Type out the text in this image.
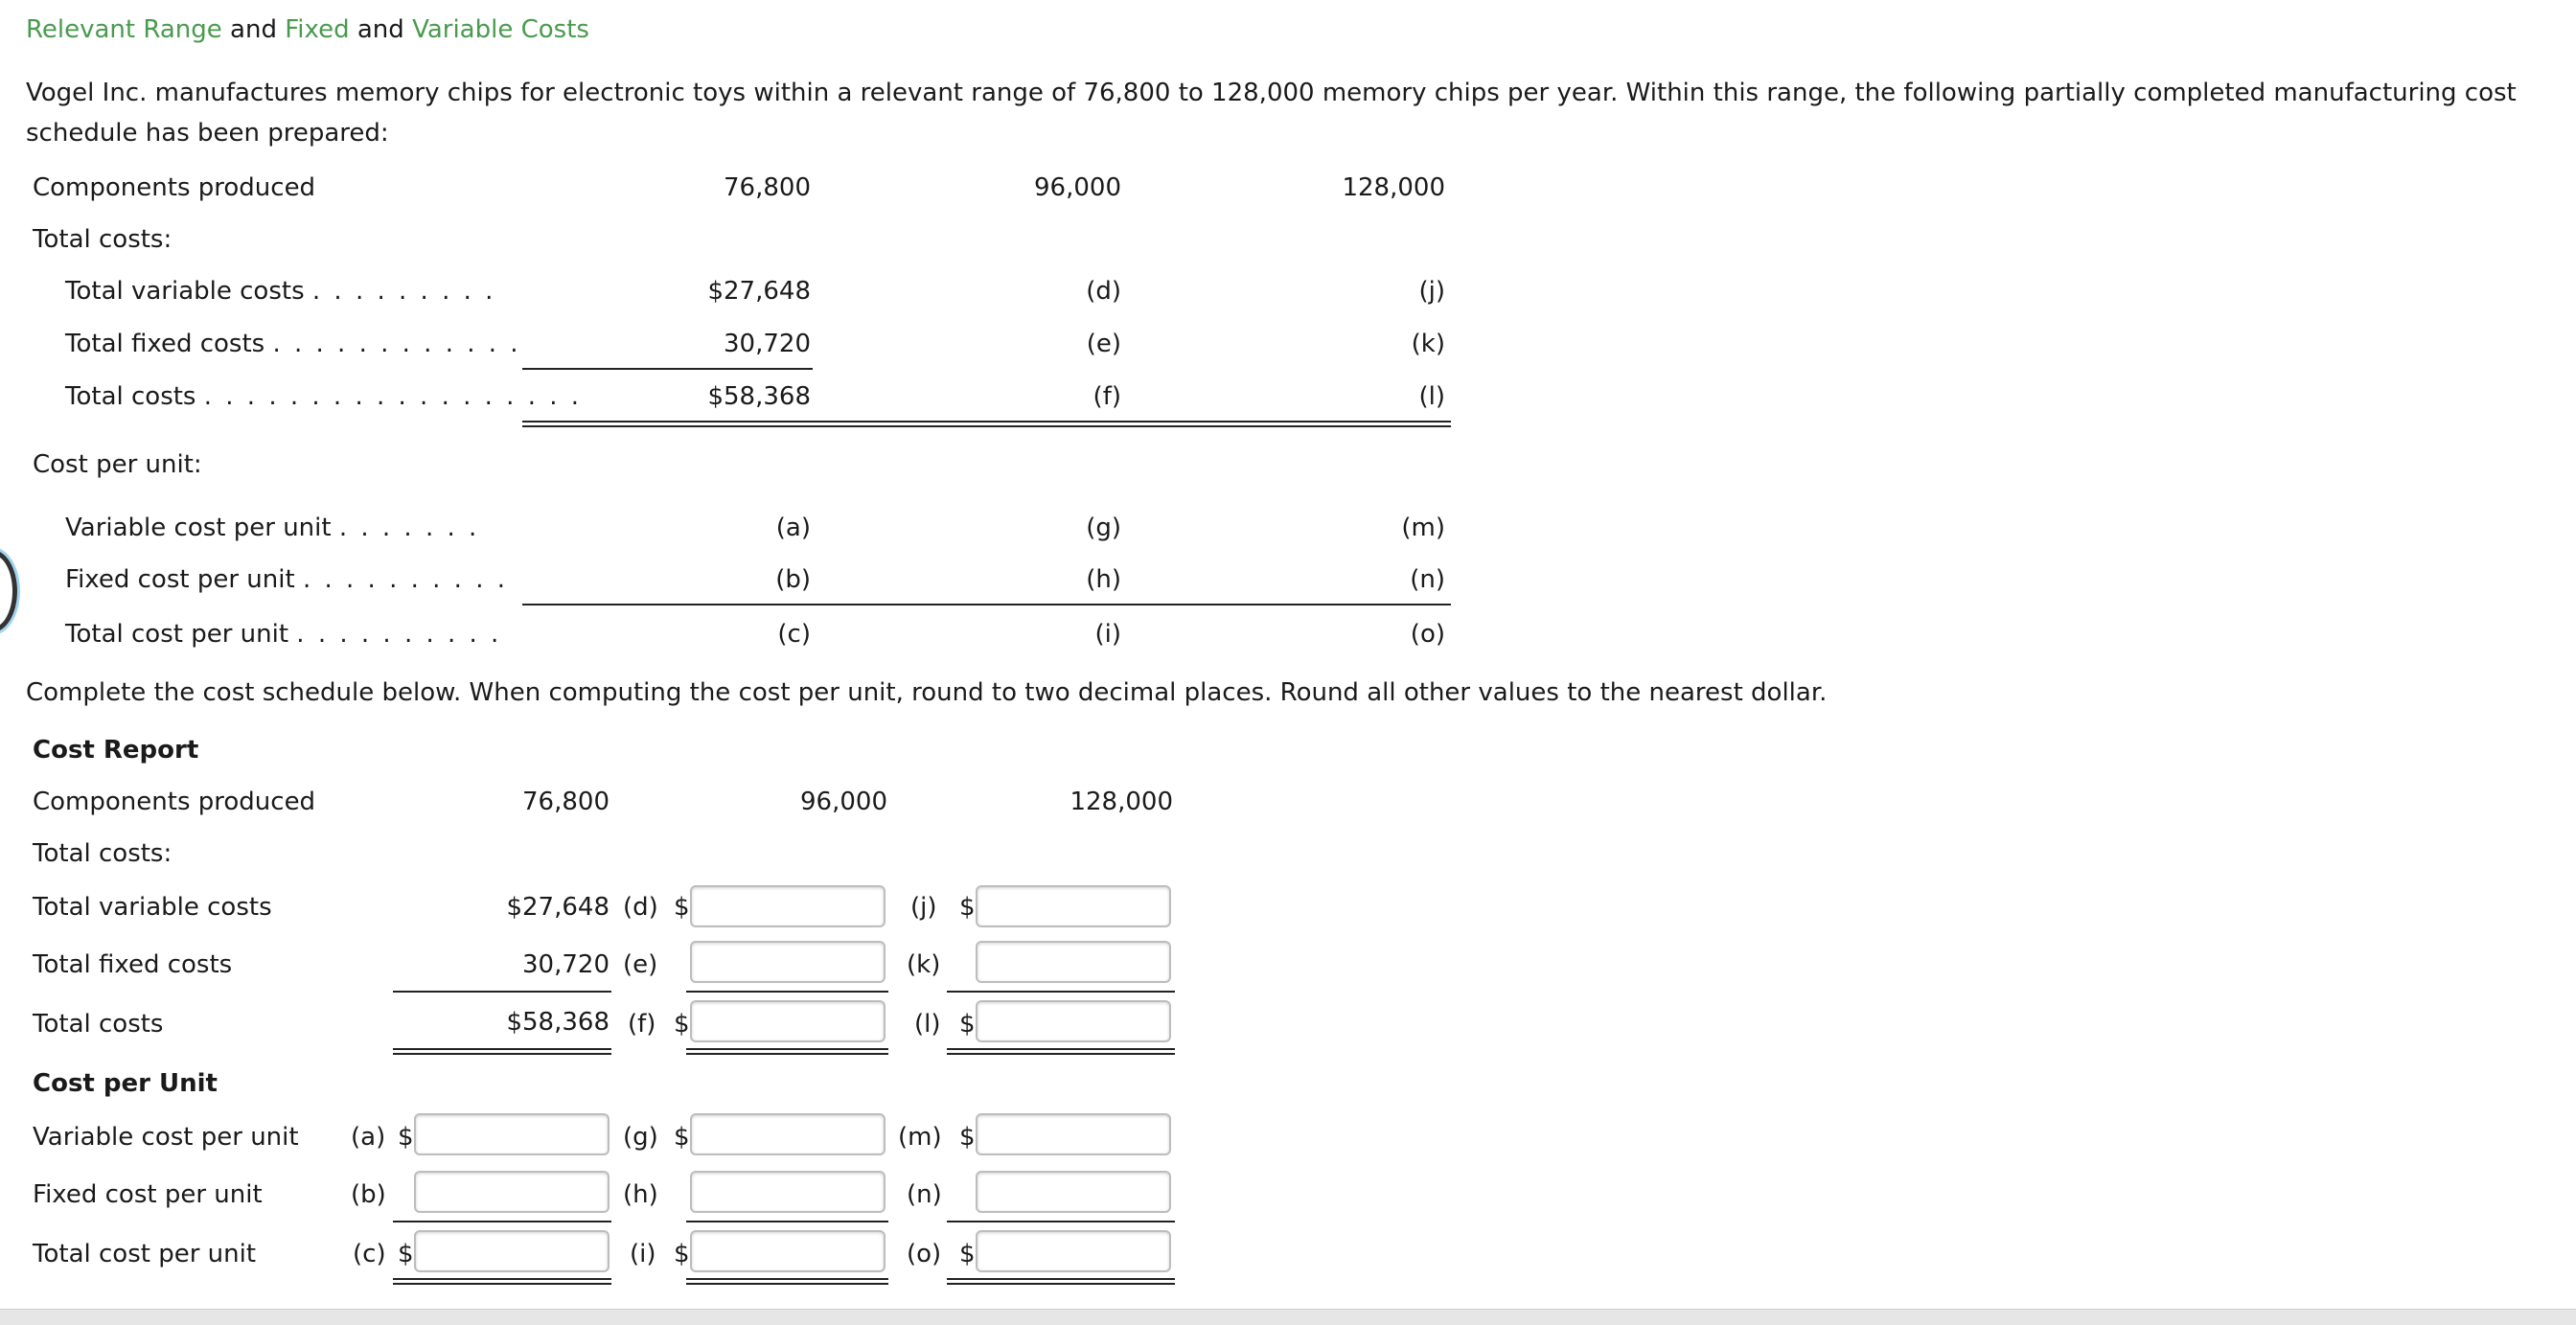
Relevant Range and Fixed and Variable Costs
Vogel Inc. manufactures memory chips for electronic toys within a relevant range of 76,800 to 128,000 memory chips per year. Within this range, the following partially completed manufacturing cost schedule has been prepared:
Components produced	76,800	96,000	128,000
Total costs:
Total variable costs . . . . . . . . .	$27,648	(d)	(j)
Total fixed costs . . . . . . . . . . . .	30,720	(e)	(k)
Total costs . . . . . . . . . . . . . . . . . .	$58,368	(f)	(l)
Cost per unit:
Variable cost per unit . . . . . . .	(a)	(g)	(m)
Fixed cost per unit . . . . . . . . . .	(b)	(h)	(n)
Total cost per unit . . . . . . . . . .	(c)	(i)	(o)
Complete the cost schedule below. When computing the cost per unit, round to two decimal places. Round all other values to the nearest dollar.
Cost Report
Components produced	76,800	96,000	128,000
Total costs:
Total variable costs	$27,648 (d) $	(j) $
Total fixed costs	30,720 (e)	(k)
Total costs	$58,368 (f) $	(l) $
Cost per Unit
Variable cost per unit (a) $	(g) $	(m) $
Fixed cost per unit	(b)	(h)	(n)
Total cost per unit	(c) $	(i) $	(o) $
